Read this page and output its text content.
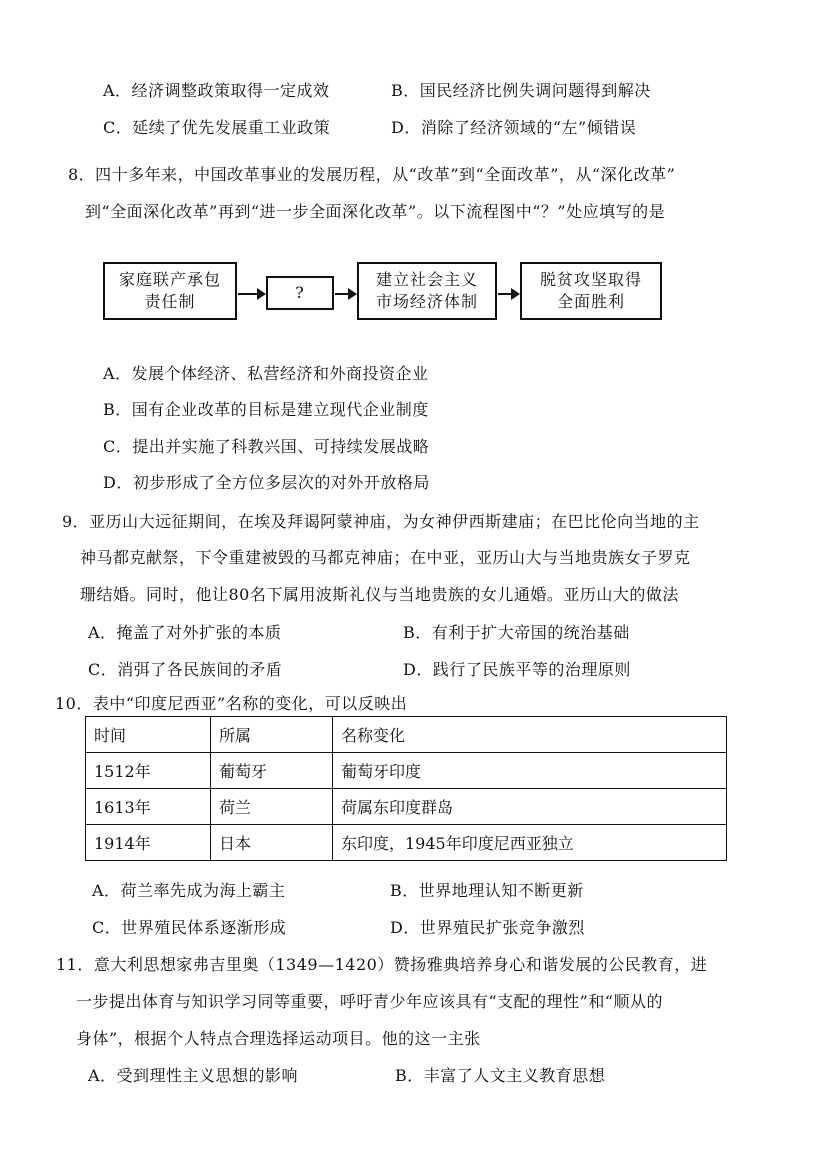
A．经济调整政策取得一定成效	B．国民经济比例失调问题得到解决
C．延续了优先发展重工业政策	D．消除了经济领域的“左”倾错误
8．四十多年来，中国改革事业的发展历程，从“改革”到“全面改革”，从“深化改革”
到“全面深化改革”再到“进一步全面深化改革”。以下流程图中“？”处应填写的是
家庭联产承包
责任制	?
建立社会主义
市场经济体制
脱贫攻坚取得
全面胜利
A．发展个体经济、私营经济和外商投资企业
B．国有企业改革的目标是建立现代企业制度
C．提出并实施了科教兴国、可持续发展战略
D．初步形成了全方位多层次的对外开放格局
9．亚历山大远征期间，在埃及拜谒阿蒙神庙，为女神伊西斯建庙；在巴比伦向当地的主
神马都克献祭，下令重建被毁的马都克神庙；在中亚，亚历山大与当地贵族女子罗克
珊结婚。同时，他让80名下属用波斯礼仪与当地贵族的女儿通婚。亚历山大的做法
A．掩盖了对外扩张的本质	B．有利于扩大帝国的统治基础
C．消弭了各民族间的矛盾	D．践行了民族平等的治理原则
10．表中“印度尼西亚”名称的变化，可以反映出
时间	所属	名称变化
1512年	葡萄牙	葡萄牙印度
1613年	荷兰	荷属东印度群岛
1914年	日本	东印度，1945年印度尼西亚独立
A．荷兰率先成为海上霸主	B．世界地理认知不断更新
C．世界殖民体系逐渐形成	D．世界殖民扩张竞争激烈
11．意大利思想家弗吉里奥（1349—1420）赞扬雅典培养身心和谐发展的公民教育，进
一步提出体育与知识学习同等重要，呼吁青少年应该具有“支配的理性”和“顺从的
身体”，根据个人特点合理选择运动项目。他的这一主张
A．受到理性主义思想的影响	B．丰富了人文主义教育思想
